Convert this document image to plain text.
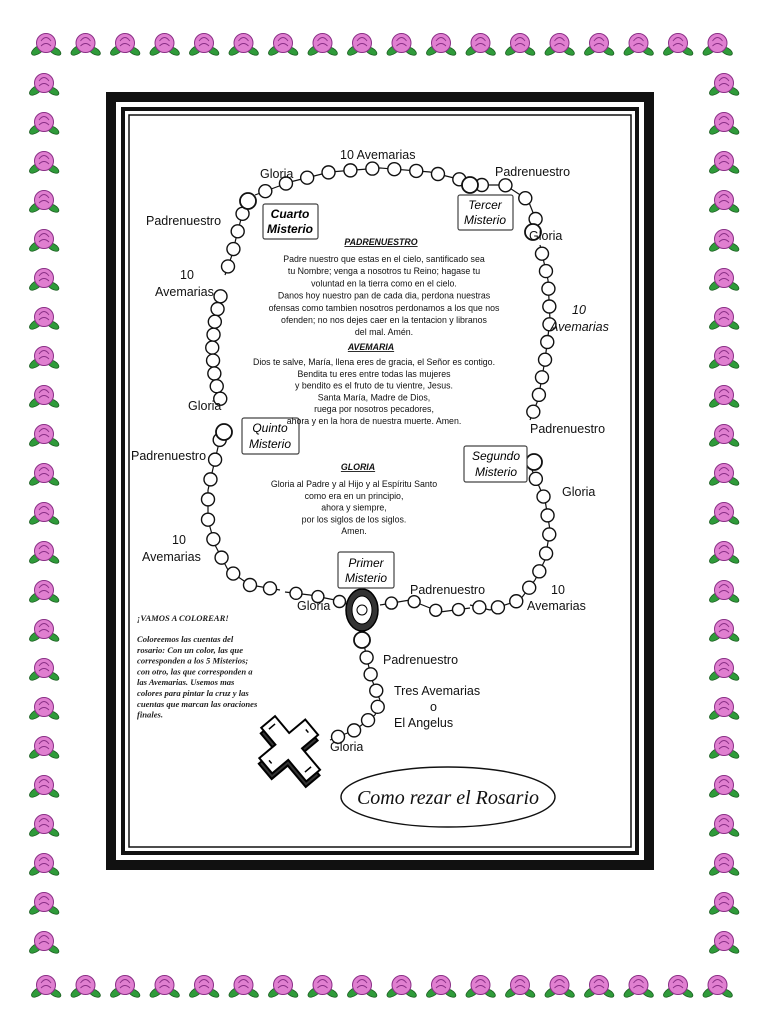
Cuarto
Misterio
Tercer
Misterio
Quinto
Misterio
Segundo
Misterio
Primer
Misterio
10 Avemarias
Gloria	Padrenuestro
Padrenuestro
Gloria
10
Avemarias
10
Avemarias
Gloria
Padrenuestro
Padrenuestro
Gloria
10
Avemarias
10
Avemarias
Gloria
Padrenuestro
Padrenuestro
Tres Avemarias
o
El Angelus
Gloria
PADRENUESTRO
Padre nuestro que estas en el cielo, santificado sea
tu Nombre; venga a nosotros tu Reino; hagase tu
voluntad en la tierra como en el cielo.
Danos hoy nuestro pan de cada dia, perdona nuestras
ofensas como tambien nosotros perdonamos a los que nos
ofenden; no nos dejes caer en la tentacion y libranos
del mal. Amén.
AVEMARIA
Dios te salve, María, llena eres de gracia, el Señor es contigo.
Bendita tu eres entre todas las mujeres
y bendito es el fruto de tu vientre, Jesus.
Santa María, Madre de Dios,
ruega por nosotros pecadores,
ahora y en la hora de nuestra muerte. Amen.
GLORIA
Gloria al Padre y al Hijo y al Espíritu Santo
como era en un principio,
ahora y siempre,
por los siglos de los siglos.
Amen.
¡VAMOS A COLOREAR!
Coloreemos las cuentas del
rosario: Con un color, las que
corresponden a los 5 Misterios;
con otro, las que corresponden a
las Avemarias. Usemos mas
colores para pintar la cruz y las
cuentas que marcan las oraciones
finales.
Como rezar el Rosario
